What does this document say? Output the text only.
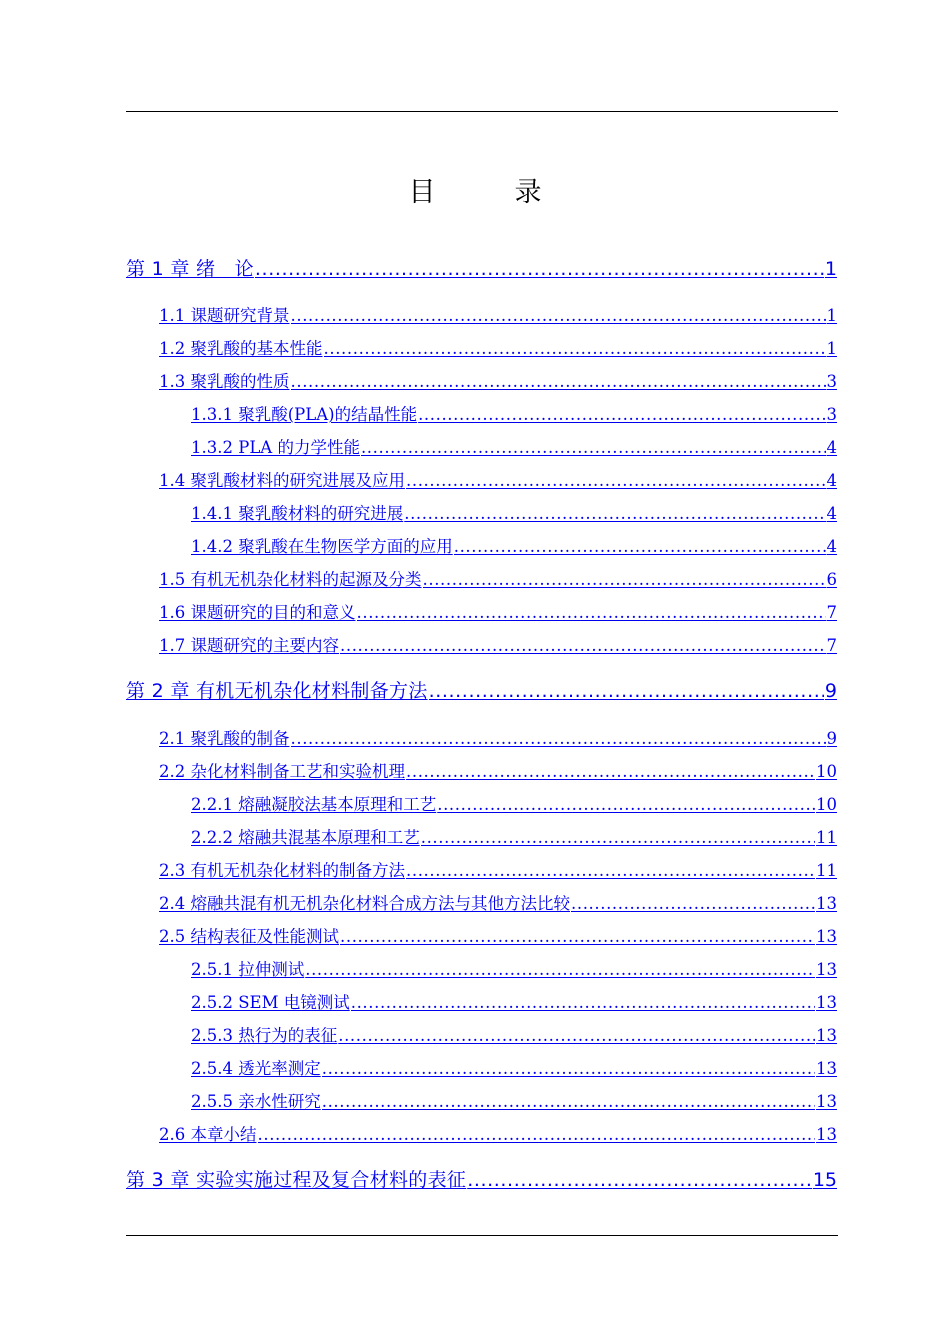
目　录
第 1 章 绪　论 .....	1
1.1 课题研究背景 .....	1
1.2 聚乳酸的基本性能 .....	1
1.3 聚乳酸的性质 .....	3
1.3.1 聚乳酸(PLA)的结晶性能 .....	3
1.3.2 PLA 的力学性能 .....	4
1.4 聚乳酸材料的研究进展及应用 .....	4
1.4.1 聚乳酸材料的研究进展 .....	4
1.4.2 聚乳酸在生物医学方面的应用 .....	4
1.5 有机无机杂化材料的起源及分类 .....	6
1.6 课题研究的目的和意义 .....	7
1.7 课题研究的主要内容 .....	7
第 2 章 有机无机杂化材料制备方法 .....	9
2.1 聚乳酸的制备 .....	9
2.2 杂化材料制备工艺和实验机理 .....	10
2.2.1 熔融凝胶法基本原理和工艺 .....	10
2.2.2 熔融共混基本原理和工艺 .....	11
2.3 有机无机杂化材料的制备方法 .....	11
2.4 熔融共混有机无机杂化材料合成方法与其他方法比较 .....	13
2.5 结构表征及性能测试 .....	13
2.5.1 拉伸测试 .....	13
2.5.2 SEM 电镜测试 .....	13
2.5.3 热行为的表征 .....	13
2.5.4 透光率测定 .....	13
2.5.5 亲水性研究 .....	13
2.6 本章小结 .....	13
第 3 章 实验实施过程及复合材料的表征 .....	15
